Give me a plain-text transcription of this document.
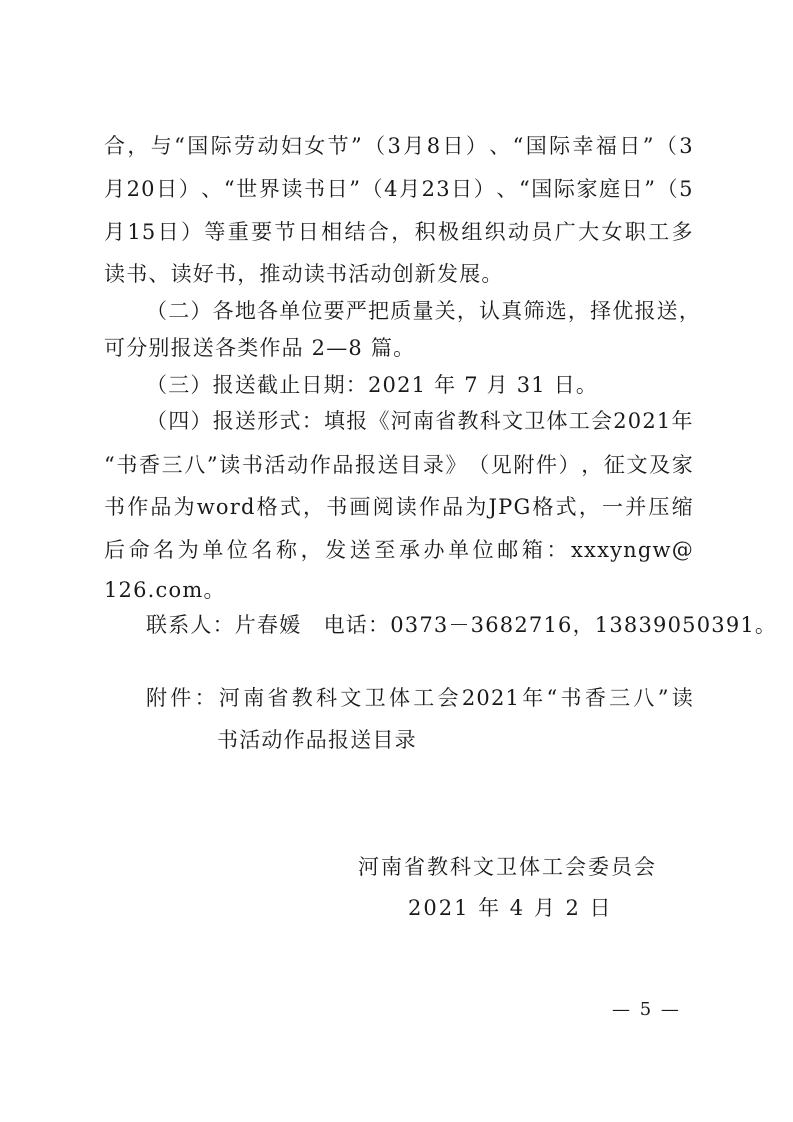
合 ， 与 “ 国 际 劳 动 妇 女 节 ” （ 3 月 8 日 ） 、 “ 国 际 幸 福 日 ” （ 3
月 20 日 ） 、 “ 世 界 读 书 日 ” （ 4 月 23 日 ） 、 “ 国 际 家 庭 日 ” （ 5
月 15 日 ） 等 重 要 节 日 相 结 合 ， 积 极 组 织 动 员 广 大 女 职 工 多
读书、读好书，推动读书活动创新发展。
（ 二 ） 各 地 各 单 位 要 严 把 质 量 关 ， 认 真 筛 选 ， 择 优 报 送 ，
可分别报送各类作品 2—8 篇。
（三）报送截止日期：2021 年 7 月 31 日。
（ 四 ） 报 送 形 式 ： 填 报 《 河 南 省 教 科 文 卫 体 工 会 2021 年
“ 书 香 三 八 ” 读 书 活 动 作 品 报 送 目 录 》 （ 见 附 件 ） ， 征 文 及 家
书 作 品 为 word 格 式 ， 书 画 阅 读 作 品 为 JPG 格 式 ， 一 并 压 缩
后 命 名 为 单 位 名 称 ， 发 送 至 承 办 单 位 邮 箱 ： xxxyngw@
126.com。
联系人：片春媛　电话：0373－3682716，13839050391。
附 件 ： 河 南 省 教 科 文 卫 体 工 会 2021 年 “ 书 香 三 八 ” 读
书活动作品报送目录
河南省教科文卫体工会委员会
2021 年 4 月 2 日
— 5 —
